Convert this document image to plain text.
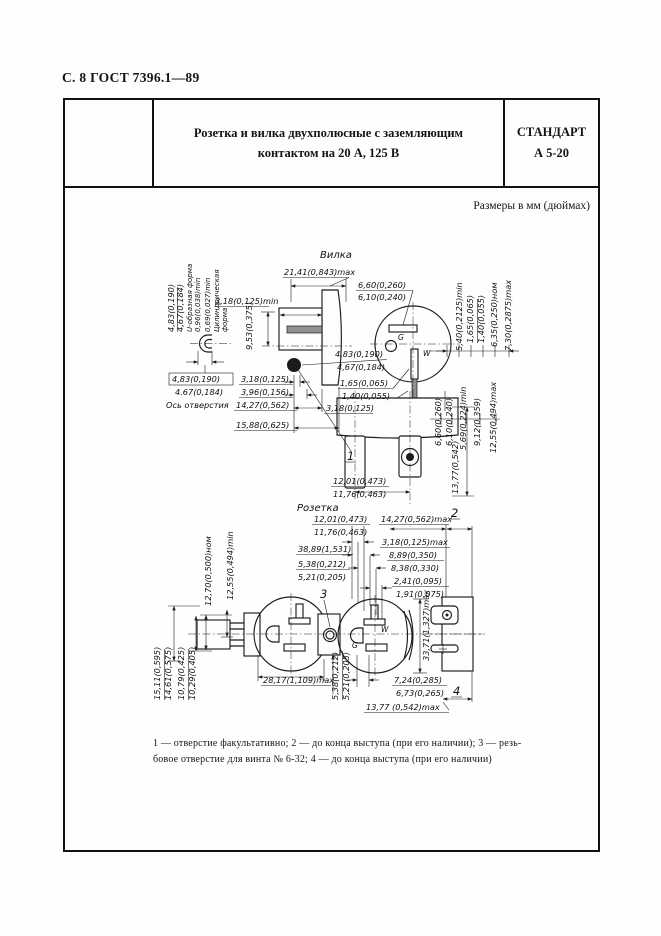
С. 8 ГОСТ 7396.1—89
Розетка и вилка двухполюсные с заземляющим
контактом на 20 А, 125 В
СТАНДАРТ
А 5-20
Размеры в мм (дюймах)
Вилка
4,83(0,190) 4,67(0,184) U-образная форма 0,96(0,038)min 0,69(0,027)min Цилиндрическая форма
4,83(0,190)
4.67(0,184)
Ось отверстия
G
W
21,41(0,843)max
3,18(0,125)min
9,53(0,375)
3,18(0,125)
3,96(0,156)
14,27(0,562)
15,88(0,625)
6,60(0,260)
6,10(0,240)
4,83(0,190)
4,67(0,184)
1,65(0,065)
1,40(0,055)
3,18(0,125)
5,40(0,2125)min 1,65(0,065) 1,40(0,055) 6,35(0,250)ном 7,30(0,2875)max
6,60(0,260) 6,10(0,240) 5,69(0,224)min 9,12(0,359) 12,55(0,494)max
12,01(0,473)
11,76(0,463)	13,77(0,542)
1
Розетка
W
G
12,01(0,473)
11,76(0,463)
14,27(0,562)max
2
38,89(1,531)
3,18(0,125)max
8,89(0,350)
8,38(0,330)
5,38(0,212)
5,21(0,205)	2,41(0,095)
1,91(0,075)
3
12,70(0,500)ном 12,55(0,494)min
15,11(0,595) 14,61(0,575) 10,79(0,425) 10,29(0,405)	28,17(1,109)max
5,38(0,212) 5,21(0,205)
33,71(1,327)max
7,24(0,285)
6,73(0,265)
13,77 (0,542)max
4
1 — отверстие факультативно; 2 — до конца выступа (при его наличии); 3 — резь-
бовое отверстие для винта № 6-32; 4 — до конца выступа (при его наличии)
